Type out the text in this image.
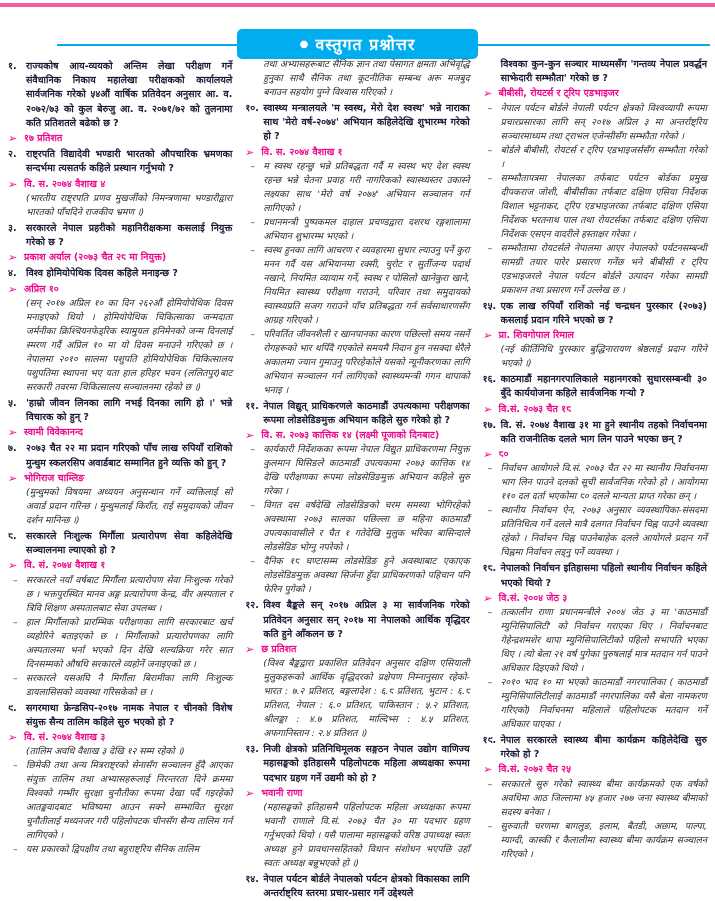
● वस्तुगत प्रश्नोत्तर
१. राज्यकोष आय-व्ययको अन्तिम लेखा परीक्षण गर्ने संवैधानिक निकाय महालेखा परीक्षकको कार्यालयले सार्वजनिक गरेको ५४औं वार्षिक प्रतिवेदन अनुसार आ. व. २०७२/७३ को कुल बेरुजु आ. व. २०७१/७२ को तुलनामा कति प्रतिशतले बढेको छ ?
➢ १७ प्रतिशत
२. राष्ट्रपति विद्यादेवी भण्डारी भारतको औपचारिक भ्रमणका सन्दर्भमा त्यसतर्फ कहिले प्रस्थान गर्नुभयो ?
➢ वि. स. २०७४ वैशाख ४
(भारतीय राष्ट्रपति प्रणव मुखर्जीको निमन्त्रणामा भण्डारीद्वारा भारतको पाँचदिने राजकीय भ्रमण ।)
३. सरकारले नेपाल प्रहरीको महानिरीक्षकमा कसलाई नियुक्त गरेको छ ?
➢ प्रकाश अर्याल (२०७३ चैत २८ मा नियुक्त)
४. विश्व होमियोपेथिक दिवस कहिले मनाइन्छ ?
➢ अप्रिल १०
(सन् २०१७ अप्रिल १० का दिन २६२औं होमियोपेथिक दिवस मनाइएको थियो । होमियोपेथिक चिकित्साका जन्मदाता जर्मनीका क्रिश्चियनफेड्रिक स्यामुयल हनिमेनको जन्म दिनलाई स्मरण गर्दै अप्रिल १० मा यो दिवस मनाउने गरिएको छ । नेपालमा २०१० सालमा पशुपति होमियोपेथिक चिकित्सालय पशुपतिमा स्थापना भए यता हाल हरिहर भवन (ललितपुर)बाट सरकारी तवरमा चिकित्सालय सञ्चालनमा रहेको छ ।)
५. 'हाम्रो जीवन लिनका लागि नभई दिनका लागि हो ।' भन्ने विचारक को हुन् ?
➢ स्वामी विवेकानन्द
७. २०७३ चैत २२ मा प्रदान गरिएको पाँच लाख रुपियाँ राशिको मुन्धुम स्कलरसिप अवार्डबाट सम्मानित हुने व्यक्ति को हुन् ?
➢ भोगिराज चाम्लिङ
(मुन्धुमको विषयमा अध्ययन अनुसन्धान गर्ने व्यक्तिलाई सो अवार्ड प्रदान गरिन्छ । मुन्धुमलाई किराँत, राई समुदायको जीवन दर्शन मानिन्छ ।)
८. सरकारले निःशुल्क मिर्गौला प्रत्यारोपण सेवा कहिलेदेखि सञ्चालनमा ल्याएको हो ?
➢ वि. सं. २०७४ वैशाख १
– सरकारले नयाँ वर्षबाट मिर्गौला प्रत्यारोपण सेवा निःशुल्क गरेको छ । भक्तपुरस्थित मानव अङ्ग प्रत्यारोपण केन्द्र, वीर अस्पताल र त्रिवि शिक्षण अस्पतालबाट सेवा उपलब्ध ।
– हाल मिर्गौलाको प्रारम्भिक परीक्षणका लागि सरकारबाट खर्च व्यहोरिने बताइएको छ । मिर्गौलाको प्रत्यारोपणका लागि अस्पतालमा भर्ना भएको दिन देखि शल्यक्रिया गरेर सात दिनसम्मको औषधि सरकारले व्यहोर्ने जनाइएको छ ।
– सरकारले यसअघि नै मिर्गौला बिरामीका लागि निःशुल्क डायलासिसको व्यवस्था गरिसकेको छ ।
९. सगरमाथा फ्रेन्डसिप-२०१७ नामक नेपाल र चीनको विशेष संयुक्त सैन्य तालिम कहिले सुरु भएको हो ?
➢ वि. सं. २०७४ वैशाख ३
(तालिम अवधि वैशाख ३ देखि १२ सम्म रहेको ।)
– छिमेकी तथा अन्य मित्रराष्ट्रको सेनासँग सञ्चालन हुँदै आएका संयुक्त तालिम तथा अभ्यासहरूलाई निरन्तरता दिने क्रममा विश्वको गम्भीर सुरक्षा चुनौतीका रूपमा देखा पर्दै गइरहेको आतङ्कवादबाट भविष्यमा आउन सक्ने सम्भावित सुरक्षा चुनौतीलाई मध्यनजर गरी पहिलोपटक चीनसँग सैन्य तालिम गर्न लागिएको ।
– यस प्रकारको द्विपक्षीय तथा बहुराष्ट्रिय सैनिक तालिम
तथा अभ्यासहरूबाट सैनिक ज्ञान तथा पेसागत क्षमता अभिवृद्धि हुनुका साथै सैनिक तथा कूटनीतिक सम्बन्ध अरू मजबुद बनाउन सहयोग पुग्ने विश्वास गरिएको ।
१०. स्वास्थ्य मन्त्रालयले 'म स्वस्थ, मेरो देश स्वस्थ' भन्ने नाराका साथ 'मेरो वर्ष-२०७४' अभियान कहिलेदेखि शुभारम्भ गरेको हो ?
➢ वि. स. २०७४ वैशाख १
– म स्वस्थ रहन्छु भन्ने प्रतिबद्धता गर्दै म स्वस्थ भए देश स्वस्थ रहन्छ भन्ने चेतना प्रवाह गरी नागरिकको स्वास्थ्यस्तर उकास्ने लक्ष्यका साथ 'मेरो वर्ष २०७४' अभियान सञ्चालन गर्न लागिएको ।
– प्रधानमन्त्री पुष्पकमल दाहाल प्रचण्डद्वारा दशरथ रङ्गशालामा अभियान शुभारम्भ भएको ।
– स्वस्थ हुनका लागि आचरण र व्यवहारमा सुधार ल्याउनु पर्ने कुरा मनन गर्दै यस अभियानमा रक्सी, चुरोट र सुर्तीजन्य पदार्थ नखाने, नियमित व्यायाम गर्ने, स्वस्थ र पोसिलो खानेकुरा खाने, नियमित स्वास्थ्य परीक्षण गराउने, परिवार तथा समुदायको स्वास्थ्यप्रति सजग गराउने पाँच प्रतिबद्धता गर्न सर्वसाधारणसँग आग्रह गरिएको ।
– परिवर्तित जीवनशैली र खानपानका कारण पछिल्लो समय नसर्ने रोगहरूको भार थपिँदै गएकोले समयमै निदान हुन नसक्दा धेरैले अकालमा ज्यान गुमाउनु परिरहेकोले यसको न्यूनीकरणका लागि अभियान सञ्चालन गर्न लागिएको स्वास्थ्यमन्त्री गगन थापाको भनाइ ।
११. नेपाल विद्युत् प्राधिकरणले काठमाडौं उपत्यकामा परीक्षणका रूपमा लोडसेडिङमुक्त अभियान कहिले सुरु गरेको हो ?
➢ वि. स. २०७३ कात्तिक १४ (लक्ष्मी पूजाको दिनबाट)
– कार्यकारी निर्देशकका रूपमा नेपाल विद्युत प्राधिकरणमा नियुक्त कुलमान घिसिङले काठमाडौं उपत्यकामा २०७३ कात्तिक १४ देखि परीक्षणका रूपमा लोडसेडिङमुक्त अभियान कहिले सुरु गरेका ।
– विगत दस वर्षदेखि लोडसेडिङको चरम समस्या भोगिरहेको अवस्थामा २०७३ सालका पछिल्ला छ महिना काठमाडौं उपत्यकावासीले र चैत १ गतेदेखि मुलुक भरिका बासिन्दाले लोडसेडिङ भोग्नु नपरेको ।
– दैनिक १८ घण्टासम्म लोडसेडिङ हुने अवस्थाबाट एकाएक लोडसेडिङमुक्त अवस्था सिर्जना हुँदा प्राधिकरणको पहिचान पनि फेरिन पुगेको ।
१२. विश्व बैङ्कले सन् २०१७ अप्रिल ३ मा सार्वजनिक गरेको प्रतिवेदन अनुसार सन् २०१७ मा नेपालको आर्थिक वृद्धिदर कति हुने आँकलन छ ?
➢ छ प्रतिशत
(विश्व बैङ्कद्वारा प्रकाशित प्रतिवेदन अनुसार दक्षिण एसियाली मुलुकहरूको आर्थिक वृद्धिदरको प्रक्षेपण निम्नानुसार रहेको- भारत : ७.२ प्रतिशत, बङ्गलादेश : ६.८ प्रतिशत, भुटान : ६.८ प्रतिशत, नेपाल : ६.० प्रतिशत, पाकिस्तान : ५.२ प्रतिशत, श्रीलङ्का : ४.७ प्रतिशत, माल्दिभ्स : ४.५ प्रतिशत, अफगानिस्तान : २.४ प्रतिशत ।)
१३. निजी क्षेत्रको प्रतिनिधिमूलक सङ्गठन नेपाल उद्योग वाणिज्य महासङ्घको इतिहासमै पहिलोपटक महिला अध्यक्षका रूपमा पदभार ग्रहण गर्ने उद्यमी को हो ?
➢ भवानी राणा
(महासङ्घको इतिहासमै पहिलोपटक महिला अध्यक्षका रूपमा भवानी राणाले वि.सं. २०७३ चैत ३० मा पदभार ग्रहण गर्नुभएको थियो । यसै पालामा महासङ्घको वरिष्ठ उपाध्यक्ष स्वतः अध्यक्ष हुने प्रावधानसहितको विधान संशोधन भएपछि उहाँ स्वतः अध्यक्ष बन्नुभएको हो ।)
१४. नेपाल पर्यटन बोर्डले नेपालको पर्यटन क्षेत्रको विकासका लागि अन्तर्राष्ट्रिय स्तरमा प्रचार-प्रसार गर्ने उद्देश्यले
विश्वका कुन-कुन सञ्चार माध्यमसँग 'गन्तव्य नेपाल प्रवर्द्धन साझेदारी सम्झौता' गरेको छ ?
➢ बीबीसी, रोयटर्स र ट्रिप एडभाइजर
– नेपाल पर्यटन बोर्डले नेपाली पर्यटन क्षेत्रको विश्वव्यापी रूपमा प्रचारप्रसारका लागि सन् २०१७ अप्रिल ३ मा अन्तर्राष्ट्रिय सञ्चारमाध्यम तथा ट्राभल एजेन्सीसँग सम्झौता गरेको ।
– बोर्डले बीबीसी, रोयटर्स र ट्रिप एडभाइजर्ससँग सम्झौता गरेको ।
– सम्झौतापत्रमा नेपालका तर्फबाट पर्यटन बोर्डका प्रमुख दीपकराज जोशी, बीबीसीका तर्फबाट दक्षिण एसिया निर्देशक विशाल भट्टनाकर, ट्रिप एडभाइजरका तर्फबाट दक्षिण एसिया निर्देशक भरतनाथ पाल तथा रोयटर्सका तर्फबाट दक्षिण एसिया निर्देशक एसएन वादरीले हस्ताक्षर गरेका ।
– सम्झौतामा रोयटर्सले नेपालमा आएर नेपालको पर्यटनसम्बन्धी सामग्री तयार पारेर प्रसारण गर्नेछ भने बीबीसी र ट्रिप एडभाइजरले नेपाल पर्यटन बोर्डले उत्पादन गरेका सामग्री प्रकाशन तथा प्रसारण गर्ने उल्लेख छ ।
१५. एक लाख रुपियाँ राशिको नई चन्द्रधन पुरस्कार (२०७३) कसलाई प्रदान गरिने भएको छ ?
➢ प्रा. शिवगोपाल रिमाल
(नई कीर्तिनिधि पुरस्कार बुद्धिनारायण श्रेष्ठलाई प्रदान गरिने भएको ।)
१६. काठमाडौं महानगरपालिकाले महानगरको सुधारसम्बन्धी ३० बुँदे कार्ययोजना कहिले सार्वजनिक गऱ्यो ?
➢ वि.सं. २०७३ चैत १८
१७. वि. सं. २०७४ वैशाख ३१ मा हुने स्थानीय तहको निर्वाचनमा कति राजनीतिक दलले भाग लिन पाउने भएका छन् ?
➢ ८०
– निर्वाचन आयोगले वि.सं. २०७३ चैत २२ मा स्थानीय निर्वाचनमा भाग लिन पाउने दलको सूची सार्वजनिक गरेको हो । आयोगमा ११० दल दर्ता भएकोमा ८० दलले मान्यता प्राप्त गरेका छन् ।
– स्थानीय निर्वाचन ऐन, २०७३ अनुसार व्यवस्थापिका-संसदमा प्रतिनिधित्व गर्ने दलले मात्रै दलगत निर्वाचन चिह्न पाउने व्यवस्था रहेको । निर्वाचन चिह्न पाउनेबाहेक दलले आयोगले प्रदान गर्ने चिह्नमा निर्वाचन लड्नु पर्ने व्यवस्था ।
१८. नेपालको निर्वाचन इतिहासमा पहिलो स्थानीय निर्वाचन कहिले भएको थियो ?
➢ वि.सं. २००४ जेठ ३
– तत्कालीन राणा प्रधानमन्त्रीले २००४ जेठ ३ मा 'काठमाडौं म्युनिसिपालिटी' को निर्वाचन गराएका थिए । निर्वाचनबाट गेहेन्द्रशमशेर थापा म्युनिसिपालिटीको पहिलो सभापति भएका थिए । त्यो बेला २१ वर्ष पुगेका पुरुषलाई मात्र मतदान गर्न पाउने अधिकार दिइएको थियो ।
– २०१० भाद १० मा भएको काठमाडौं नगरपालिका ( काठमाडौं म्युनिसिपालिटीलाई काठमाडौं नगरपालिका यसै बेला नामकरण गरिएको) निर्वाचनमा महिलाले पहिलोपटक मतदान गर्ने अधिकार पाएका ।
१९. नेपाल सरकारले स्वास्थ्य बीमा कार्यक्रम कहिलेदेखि सुरु गरेको हो ?
➢ वि.सं. २०७२ चैत २५
– सरकारले सुरु गरेको स्वास्थ्य बीमा कार्यक्रमको एक वर्षको अवधिमा आठ जिल्लामा ४५ हजार २७७ जना स्वास्थ्य बीमाको सदस्य बनेका ।
– सुरुवाती चरणमा बागलुङ, इलाम, बैतडी, अछाम, पाल्पा, म्याग्दी, कास्की र कैलालीमा स्वास्थ्य बीमा कार्यक्रम सञ्चालन गरिएको ।
